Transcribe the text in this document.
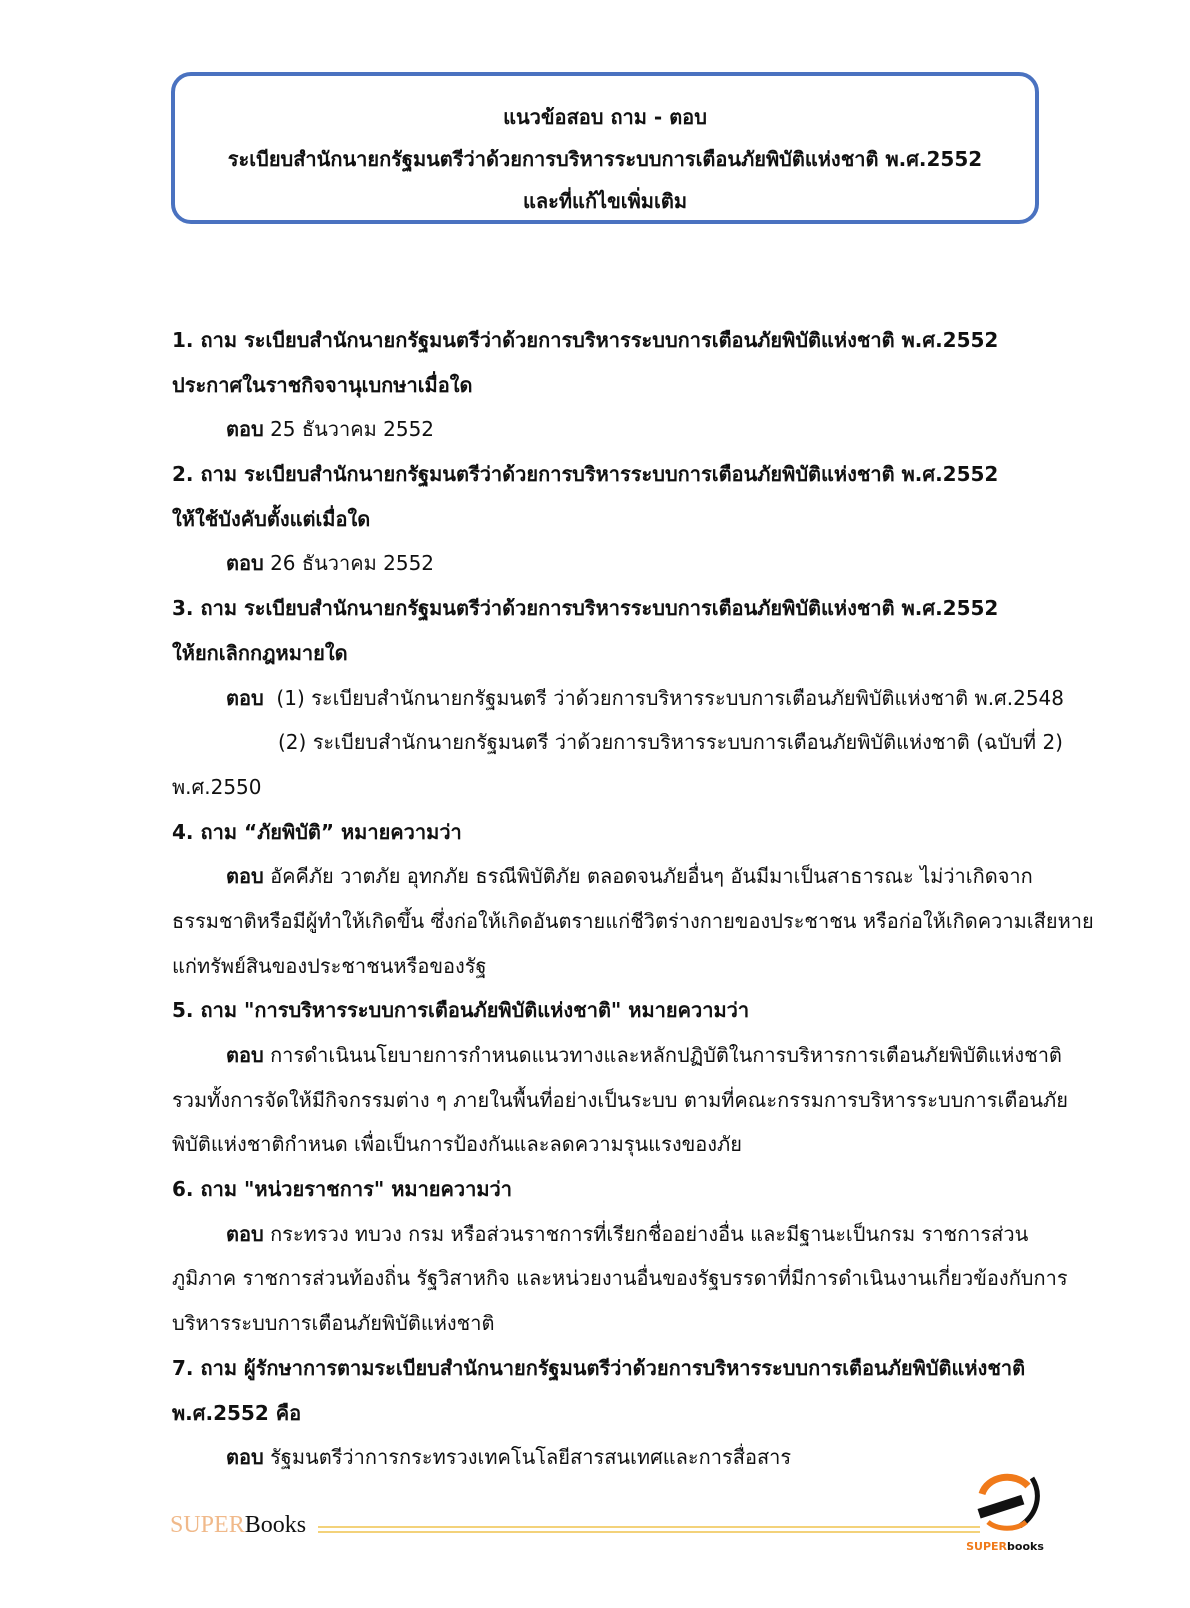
แนวข้อสอบ ถาม - ตอบ
ระเบียบสำนักนายกรัฐมนตรีว่าด้วยการบริหารระบบการเตือนภัยพิบัติแห่งชาติ พ.ศ.2552
และที่แก้ไขเพิ่มเติม
1. ถาม ระเบียบสำนักนายกรัฐมนตรีว่าด้วยการบริหารระบบการเตือนภัยพิบัติแห่งชาติ พ.ศ.2552
ประกาศในราชกิจจานุเบกษาเมื่อใด
ตอบ 25 ธันวาคม 2552
2. ถาม ระเบียบสำนักนายกรัฐมนตรีว่าด้วยการบริหารระบบการเตือนภัยพิบัติแห่งชาติ พ.ศ.2552
ให้ใช้บังคับตั้งแต่เมื่อใด
ตอบ 26 ธันวาคม 2552
3. ถาม ระเบียบสำนักนายกรัฐมนตรีว่าด้วยการบริหารระบบการเตือนภัยพิบัติแห่งชาติ พ.ศ.2552
ให้ยกเลิกกฎหมายใด
ตอบ (1) ระเบียบสำนักนายกรัฐมนตรี ว่าด้วยการบริหารระบบการเตือนภัยพิบัติแห่งชาติ พ.ศ.2548
(2) ระเบียบสำนักนายกรัฐมนตรี ว่าด้วยการบริหารระบบการเตือนภัยพิบัติแห่งชาติ (ฉบับที่ 2)
พ.ศ.2550
4. ถาม “ภัยพิบัติ” หมายความว่า
ตอบ อัคคีภัย วาตภัย อุทกภัย ธรณีพิบัติภัย ตลอดจนภัยอื่นๆ อันมีมาเป็นสาธารณะ ไม่ว่าเกิดจาก
ธรรมชาติหรือมีผู้ทำให้เกิดขึ้น ซึ่งก่อให้เกิดอันตรายแก่ชีวิตร่างกายของประชาชน หรือก่อให้เกิดความเสียหาย
แก่ทรัพย์สินของประชาชนหรือของรัฐ
5. ถาม "การบริหารระบบการเตือนภัยพิบัติแห่งชาติ" หมายความว่า
ตอบ การดำเนินนโยบายการกำหนดแนวทางและหลักปฏิบัติในการบริหารการเตือนภัยพิบัติแห่งชาติ
รวมทั้งการจัดให้มีกิจกรรมต่าง ๆ ภายในพื้นที่อย่างเป็นระบบ ตามที่คณะกรรมการบริหารระบบการเตือนภัย
พิบัติแห่งชาติกำหนด เพื่อเป็นการป้องกันและลดความรุนแรงของภัย
6. ถาม "หน่วยราชการ" หมายความว่า
ตอบ กระทรวง ทบวง กรม หรือส่วนราชการที่เรียกชื่ออย่างอื่น และมีฐานะเป็นกรม ราชการส่วน
ภูมิภาค ราชการส่วนท้องถิ่น รัฐวิสาหกิจ และหน่วยงานอื่นของรัฐบรรดาที่มีการดำเนินงานเกี่ยวข้องกับการ
บริหารระบบการเตือนภัยพิบัติแห่งชาติ
7. ถาม ผู้รักษาการตามระเบียบสำนักนายกรัฐมนตรีว่าด้วยการบริหารระบบการเตือนภัยพิบัติแห่งชาติ
พ.ศ.2552 คือ
ตอบ รัฐมนตรีว่าการกระทรวงเทคโนโลยีสารสนเทศและการสื่อสาร
SUPERBooks
SUPERbooks
